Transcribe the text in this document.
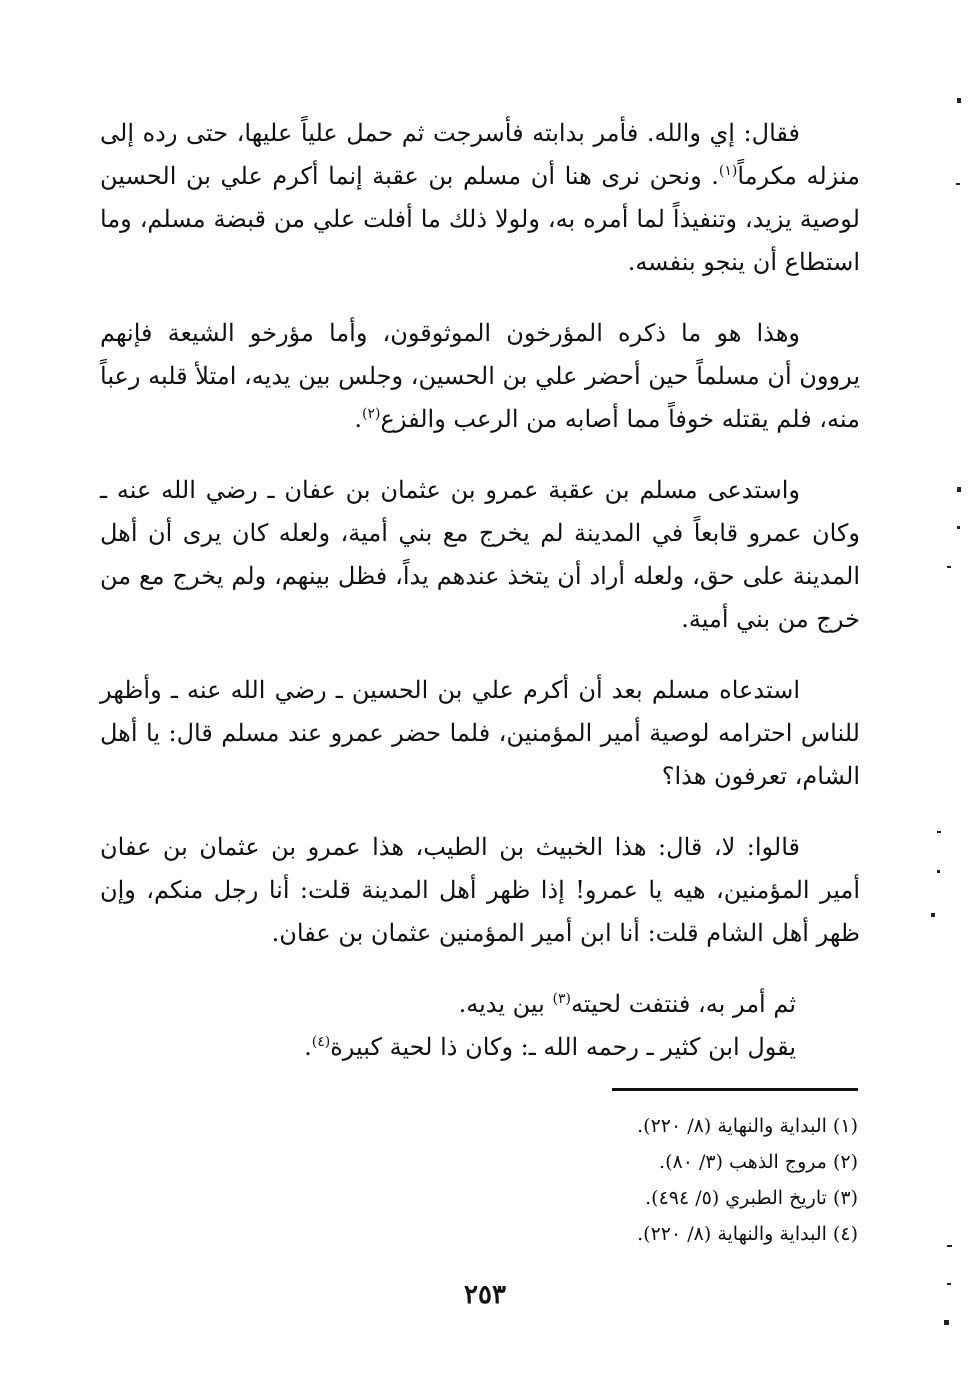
فقال: إي والله. فأمر بدابته فأسرجت ثم حمل علياً عليها، حتى رده إلى منزله مكرماً$^{(١)}$. ونحن نرى هنا أن مسلم بن عقبة إنما أكرم علي بن الحسين لوصية يزيد، وتنفيذاً لما أمره به، ولولا ذلك ما أفلت علي من قبضة مسلم، وما استطاع أن ينجو بنفسه.

وهذا هو ما ذكره المؤرخون الموثوقون، وأما مؤرخو الشيعة فإنهم يروون أن مسلماً حين أحضر علي بن الحسين، وجلس بين يديه، امتلأ قلبه رعباً منه، فلم يقتله خوفاً مما أصابه من الرعب والفزع$^{(٢)}$.

واستدعى مسلم بن عقبة عمرو بن عثمان بن عفان ـ رضي الله عنه ـ وكان عمرو قابعاً في المدينة لم يخرج مع بني أمية، ولعله كان يرى أن أهل المدينة على حق، ولعله أراد أن يتخذ عندهم يداً، فظل بينهم، ولم يخرج مع من خرج من بني أمية.

استدعاه مسلم بعد أن أكرم علي بن الحسين ـ رضي الله عنه ـ وأظهر للناس احترامه لوصية أمير المؤمنين، فلما حضر عمرو عند مسلم قال: يا أهل الشام، تعرفون هذا؟

قالوا: لا، قال: هذا الخبيث بن الطيب، هذا عمرو بن عثمان بن عفان أمير المؤمنين، هيه يا عمرو! إذا ظهر أهل المدينة قلت: أنا رجل منكم، وإن ظهر أهل الشام قلت: أنا ابن أمير المؤمنين عثمان بن عفان.

ثم أمر به، فنتفت لحيته$^{(٣)}$ بين يديه.

يقول ابن كثير ـ رحمه الله ـ: وكان ذا لحية كبيرة$^{(٤)}$.

(١) البداية والنهاية (٨/ ٢٢٠).

(٢) مروج الذهب (٣/ ٨٠).

(٣) تاريخ الطبري (٥/ ٤٩٤).

(٤) البداية والنهاية (٨/ ٢٢٠).

٢٥٣
